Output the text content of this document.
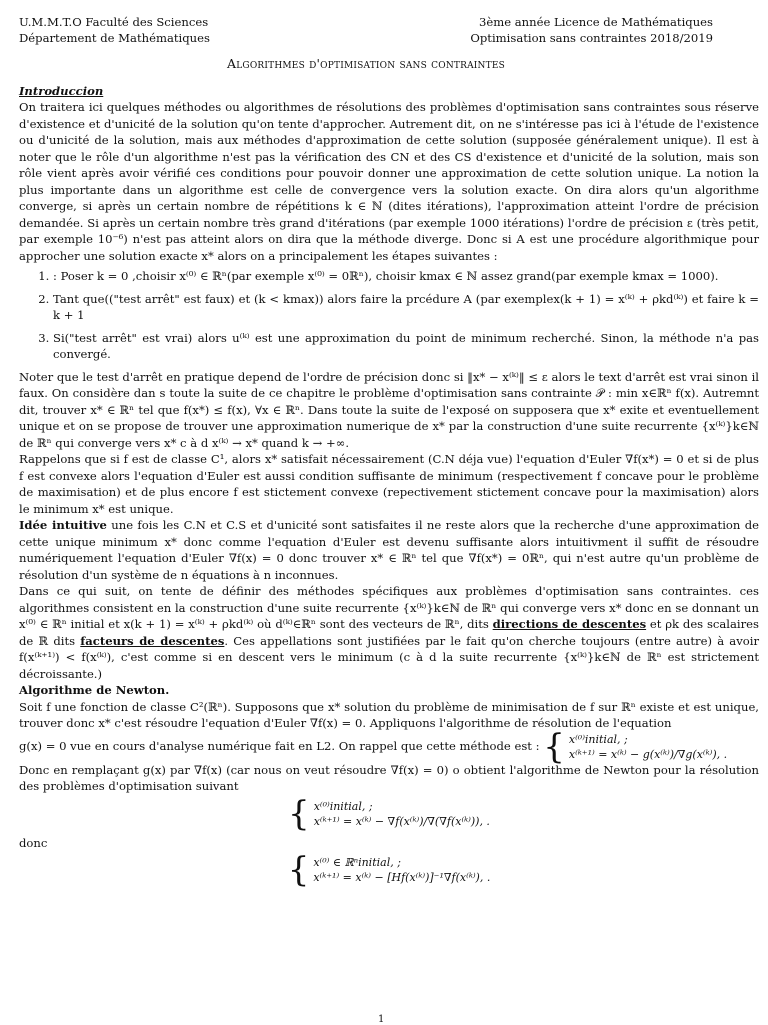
U.M.M.T.O Faculté des Sciences
Département de Mathématiques
3ème année Licence de Mathématiques
Optimisation sans contraintes 2018/2019
Algorithmes d'optimisation sans contraintes
Introduccion

On traitera ici quelques méthodes ou algorithmes de résolutions des problèmes d'optimisation sans contraintes sous réserve d'existence et d'unicité de la solution qu'on tente d'approcher. Autrement dit, on ne s'intéresse pas ici à l'étude de l'existence ou d'unicité de la solution, mais aux méthodes d'approximation de cette solution (supposée généralement unique). Il est à noter que le rôle d'un algorithme n'est pas la vérification des CN et des CS d'existence et d'unicité de la solution, mais son rôle vient après avoir vérifié ces conditions pour pouvoir donner une approximation de cette solution unique. La notion la plus importante dans un algorithme est celle de convergence vers la solution exacte. On dira alors qu'un algorithme converge, si après un certain nombre de répétitions k ∈ ℕ (dites itérations), l'approximation atteint l'ordre de précision demandée. Si après un certain nombre très grand d'itérations (par exemple 1000 itérations) l'ordre de précision ε (très petit, par exemple 10⁻⁶) n'est pas atteint alors on dira que la méthode diverge. Donc si A est une procédure algorithmique pour approcher une solution exacte x* alors on a principalement les étapes suivantes :

1. : Poser k = 0 ,choisir x⁽⁰⁾ ∈ ℝⁿ(par exemple x⁽⁰⁾ = 0ℝⁿ), choisir kmax ∈ ℕ assez grand(par exemple kmax = 1000).
2. Tant que(("test arrêt" est faux) et (k < kmax)) alors faire la prcédure A (par exemplex(k + 1) = x⁽ᵏ⁾ + ρkd⁽ᵏ⁾) et faire k = k + 1
3. Si("test arrêt" est vrai) alors u⁽ᵏ⁾ est une approximation du point de minimum recherché. Sinon, la méthode n'a pas convergé.

Noter que le test d'arrêt en pratique depend de l'ordre de précision donc si ‖x* − x⁽ᵏ⁾‖ ≤ ε alors le text d'arrêt est vrai sinon il faux. On considère dan s toute la suite de ce chapitre le problème d'optimisation sans contrainte 𝒫 : min x∈ℝⁿ f(x). Autremnt dit, trouver x* ∈ ℝⁿ tel que f(x*) ≤ f(x), ∀x ∈ ℝⁿ. Dans toute la suite de l'exposé on supposera que x* exite et eventuellement unique et on se propose de trouver une approximation numerique de x* par la construction d'une suite recurrente {x⁽ᵏ⁾}k∈ℕ de ℝⁿ qui converge vers x* c à d x⁽ᵏ⁾ → x* quand k → +∞.

Rappelons que si f est de classe C¹, alors x* satisfait nécessairement (C.N déja vue) l'equation d'Euler ∇f(x*) = 0 et si de plus f est convexe alors l'equation d'Euler est aussi condition suffisante de minimum (respectivement f concave pour le problème de maximisation) et de plus encore f est stictement convexe (repectivement stictement concave pour la maximisation) alors le minimum x* est unique.

Idée intuitive une fois les C.N et C.S et d'unicité sont satisfaites il ne reste alors que la recherche d'une approximation de cette unique minimum x* donc comme l'equation d'Euler est devenu suffisante alors intuitivment il suffit de résoudre numériquement l'equation d'Euler ∇f(x) = 0 donc trouver x* ∈ ℝⁿ tel que ∇f(x*) = 0ℝⁿ, qui n'est autre qu'un problème de résolution d'un système de n équations à n inconnues.

Dans ce qui suit, on tente de définir des méthodes spécifiques aux problèmes d'optimisation sans contraintes. ces algorithmes consistent en la construction d'une suite recurrente {x⁽ᵏ⁾}k∈ℕ de ℝⁿ qui converge vers x* donc en se donnant un x⁽⁰⁾ ∈ ℝⁿ initial et x(k + 1) = x⁽ᵏ⁾ + ρkd⁽ᵏ⁾ où d⁽ᵏ⁾∈ℝⁿ sont des vecteurs de ℝⁿ, dits directions de descentes et ρk des scalaires de ℝ dits facteurs de descentes. Ces appellations sont justifiées par le fait qu'on cherche toujours (entre autre) à avoir f(x⁽ᵏ⁺¹⁾) < f(x⁽ᵏ⁾), c'est comme si en descent vers le minimum (c à d la suite recurrente {x⁽ᵏ⁾}k∈ℕ de ℝⁿ est strictement décroissante.)

Algorithme de Newton.

Soit f une fonction de classe C²(ℝⁿ). Supposons que x* solution du problème de minimisation de f sur ℝⁿ existe et est unique, trouver donc x* c'est résoudre l'equation d'Euler ∇f(x) = 0. Appliquons l'algorithme de résolution de l'equation

g(x) = 0 vue en cours d'analyse numérique fait en L2. On rappel que cette méthode est : { x⁽⁰⁾initial, ;
x⁽ᵏ⁺¹⁾ = x⁽ᵏ⁾ − g(x⁽ᵏ⁾)/∇g(x⁽ᵏ⁾), .

Donc en remplaçant g(x) par ∇f(x) (car nous on veut résoudre ∇f(x) = 0) o obtient l'algorithme de Newton pour la résolution des problèmes d'optimisation suivant

{ x⁽⁰⁾initial, ;
x⁽ᵏ⁺¹⁾ = x⁽ᵏ⁾ − ∇f(x⁽ᵏ⁾)/∇(∇f(x⁽ᵏ⁾)), .
donc
{ x⁽⁰⁾ ∈ ℝⁿinitial, ;
x⁽ᵏ⁺¹⁾ = x⁽ᵏ⁾ − [Hf(x⁽ᵏ⁾)]⁻¹∇f(x⁽ᵏ⁾), .
1
